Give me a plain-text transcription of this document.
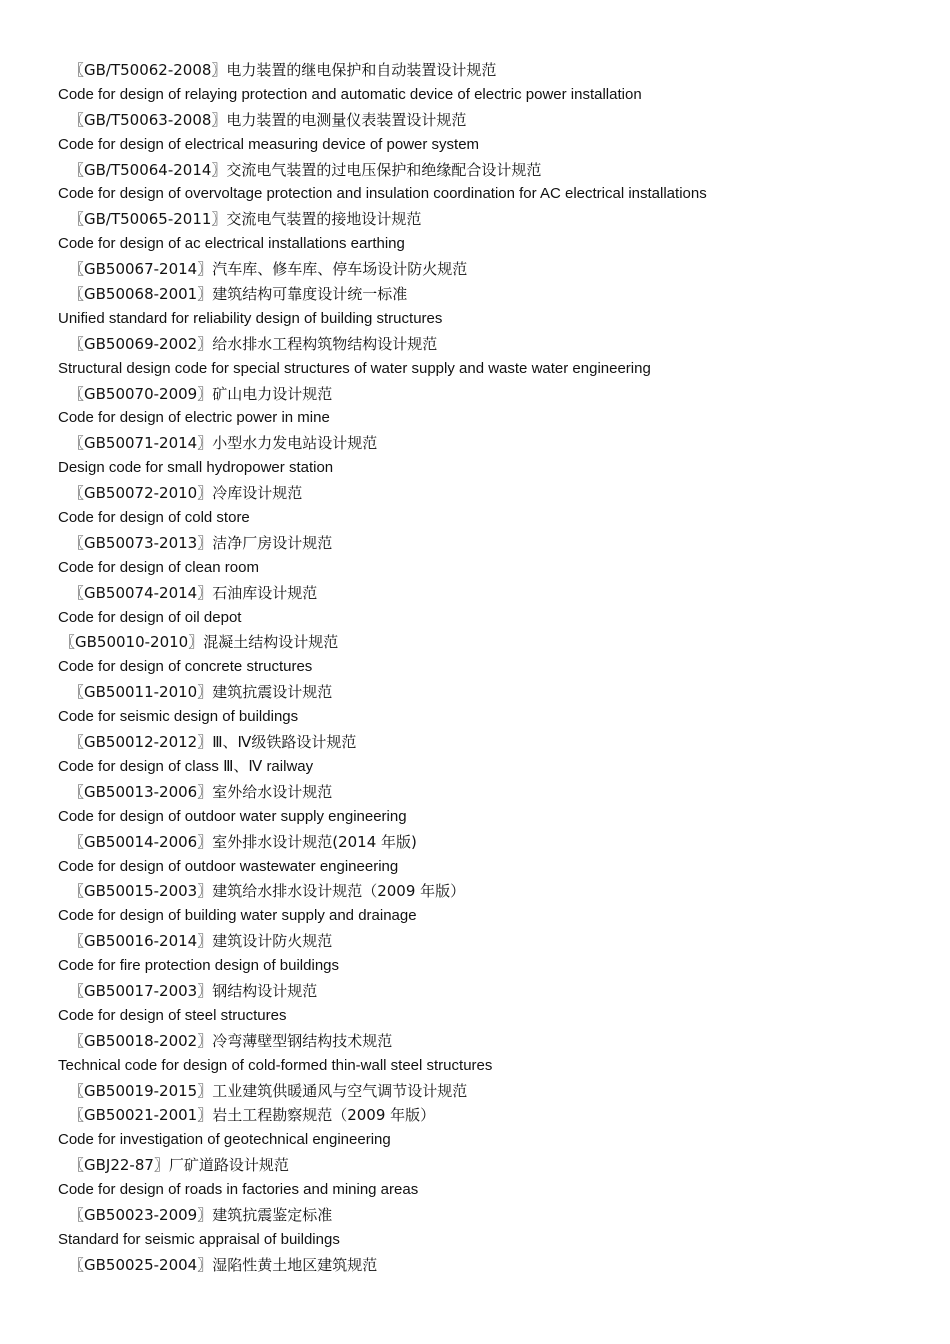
〖GB/T50062-2008〗电力装置的继电保护和自动装置设计规范
Code for design of relaying protection and automatic device of electric power installation
〖GB/T50063-2008〗电力装置的电测量仪表装置设计规范
Code for design of electrical measuring device of power system
〖GB/T50064-2014〗交流电气装置的过电压保护和绝缘配合设计规范
Code for design of overvoltage protection and insulation coordination for AC electrical installations
〖GB/T50065-2011〗交流电气装置的接地设计规范
Code for design of ac electrical installations earthing
〖GB50067-2014〗汽车库、修车库、停车场设计防火规范
〖GB50068-2001〗建筑结构可靠度设计统一标准
Unified standard for reliability design of building structures
〖GB50069-2002〗给水排水工程构筑物结构设计规范
Structural design code for special structures of water supply and waste water engineering
〖GB50070-2009〗矿山电力设计规范
Code for design of electric power in mine
〖GB50071-2014〗小型水力发电站设计规范
Design code for small hydropower station
〖GB50072-2010〗冷库设计规范
Code for design of cold store
〖GB50073-2013〗洁净厂房设计规范
Code for design of clean room
〖GB50074-2014〗石油库设计规范
Code for design of oil depot
〖GB50010-2010〗混凝土结构设计规范
Code for design of concrete structures
〖GB50011-2010〗建筑抗震设计规范
Code for seismic design of buildings
〖GB50012-2012〗Ⅲ、Ⅳ级铁路设计规范
Code for design of class Ⅲ、Ⅳ railway
〖GB50013-2006〗室外给水设计规范
Code for design of outdoor water supply engineering
〖GB50014-2006〗室外排水设计规范(2014 年版)
Code for design of outdoor wastewater engineering
〖GB50015-2003〗建筑给水排水设计规范（2009 年版）
Code for design of building water supply and drainage
〖GB50016-2014〗建筑设计防火规范
Code for fire protection design of buildings
〖GB50017-2003〗钢结构设计规范
Code for design of steel structures
〖GB50018-2002〗冷弯薄壁型钢结构技术规范
Technical code for design of cold-formed thin-wall steel structures
〖GB50019-2015〗工业建筑供暖通风与空气调节设计规范
〖GB50021-2001〗岩土工程勘察规范（2009 年版）
Code for investigation of geotechnical engineering
〖GBJ22-87〗厂矿道路设计规范
Code for design of roads in factories and mining areas
〖GB50023-2009〗建筑抗震鉴定标准
Standard for seismic appraisal of buildings
〖GB50025-2004〗湿陷性黄土地区建筑规范
